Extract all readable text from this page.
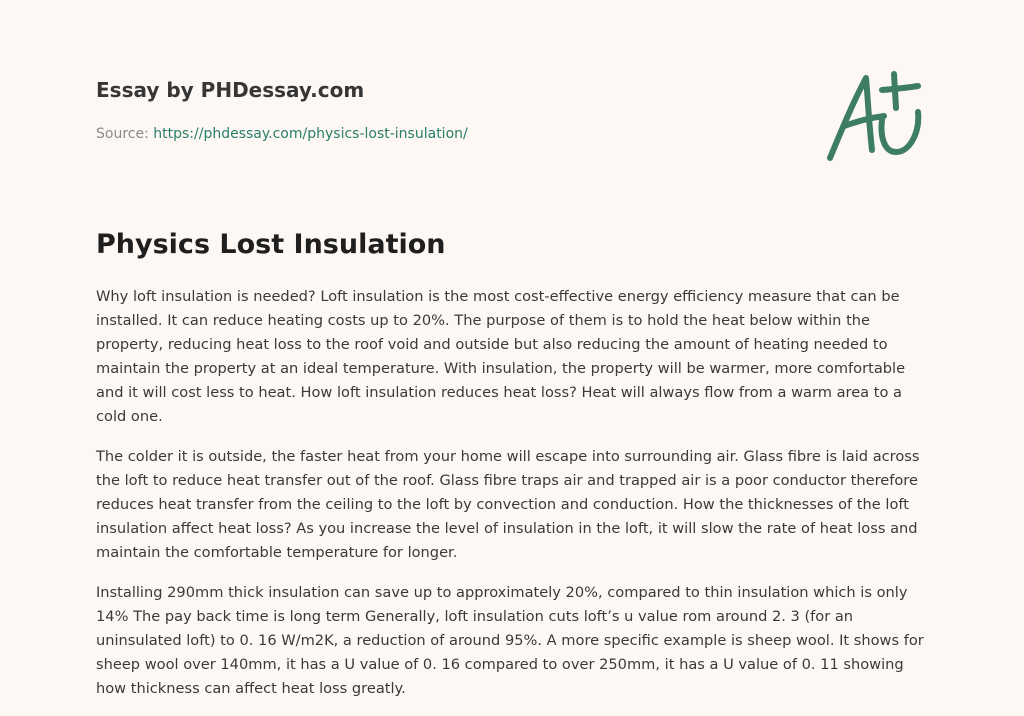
Essay by PHDessay.com
Source: https://phdessay.com/physics-lost-insulation/
Physics Lost Insulation

Why loft insulation is needed? Loft insulation is the most cost-effective energy efficiency measure that can be installed. It can reduce heating costs up to 20%. The purpose of them is to hold the heat below within the property, reducing heat loss to the roof void and outside but also reducing the amount of heating needed to maintain the property at an ideal temperature. With insulation, the property will be warmer, more comfortable and it will cost less to heat. How loft insulation reduces heat loss? Heat will always flow from a warm area to a cold one.

The colder it is outside, the faster heat from your home will escape into surrounding air. Glass fibre is laid across the loft to reduce heat transfer out of the roof. Glass fibre traps air and trapped air is a poor conductor therefore reduces heat transfer from the ceiling to the loft by convection and conduction. How the thicknesses of the loft insulation affect heat loss? As you increase the level of insulation in the loft, it will slow the rate of heat loss and maintain the comfortable temperature for longer.

Installing 290mm thick insulation can save up to approximately 20%, compared to thin insulation which is only 14% The pay back time is long term Generally, loft insulation cuts loft’s u value rom around 2. 3 (for an uninsulated loft) to 0. 16 W/m2K, a reduction of around 95%. A more specific example is sheep wool. It shows for sheep wool over 140mm, it has a U value of 0. 16 compared to over 250mm, it has a U value of 0. 11 showing how thickness can affect heat loss greatly.
